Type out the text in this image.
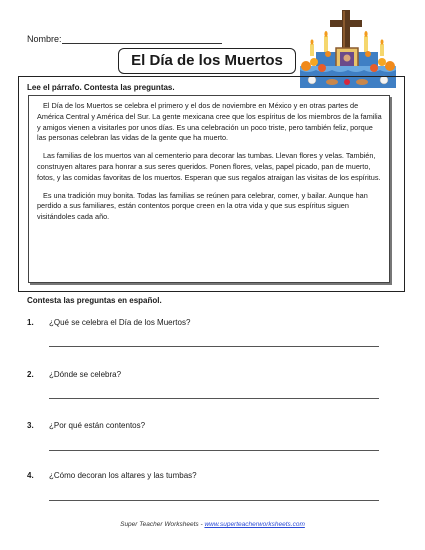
Nombre:
El Día de los Muertos
Lee el párrafo. Contesta las preguntas.

El Día de los Muertos se celebra el primero y el dos de noviembre en México y en otras partes de América Central y América del Sur. La gente mexicana cree que los espíritus de los miembros de la familia y amigos vienen a visitarles por unos días. Es una celebración un poco triste, pero también feliz, porque las personas celebran las vidas de la gente que ha muerto.

Las familias de los muertos van al cementerio para decorar las tumbas. Llevan flores y velas. También, construyen altares para honrar a sus seres queridos. Ponen flores, velas, papel picado, pan de muerto, fotos, y las comidas favoritas de los muertos. Esperan que sus regalos atraigan las visitas de los espíritus.

Es una tradición muy bonita. Todas las familias se reúnen para celebrar, comer, y bailar. Aunque han perdido a sus familiares, están contentos porque creen en la otra vida y que sus espíritus siguen visitándoles cada año.

Contesta las preguntas en español.
1. ¿Qué se celebra el Día de los Muertos?
2. ¿Dónde se celebra?
3. ¿Por qué están contentos?
4. ¿Cómo decoran los altares y las tumbas?
Super Teacher Worksheets - www.superteacherworksheets.com
